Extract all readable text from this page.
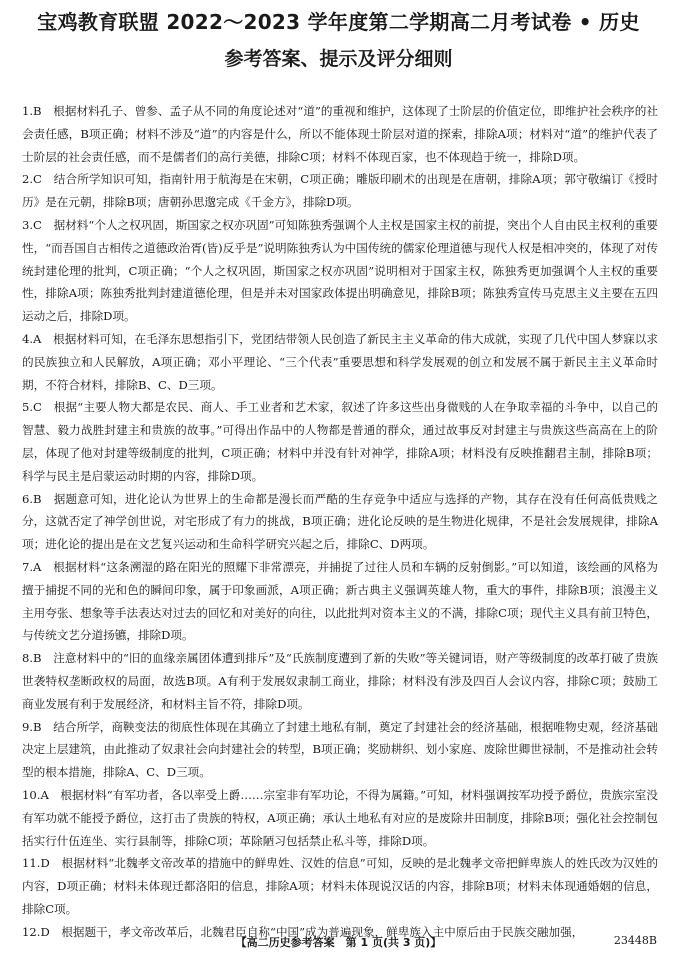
宝鸡教育联盟 2022～2023 学年度第二学期高二月考试卷 • 历史
参考答案、提示及评分细则

1.B　根据材料孔子、曾参、孟子从不同的角度论述对“道”的重视和维护，这体现了士阶层的价值定位，即维护社会秩序的社会责任感，B项正确；材料不涉及“道”的内容是什么，所以不能体现士阶层对道的探索，排除A项；材料对“道”的维护代表了士阶层的社会责任感，而不是儒者们的高行美德，排除C项；材料不体现百家，也不体现趋于统一，排除D项。

2.C　结合所学知识可知，指南针用于航海是在宋朝，C项正确；雕版印刷术的出现是在唐朝，排除A项；郭守敬编订《授时历》是在元朝，排除B项；唐朝孙思邈完成《千金方》，排除D项。

3.C　据材料“个人之权巩固，斯国家之权亦巩固”可知陈独秀强调个人主权是国家主权的前提，突出个人自由民主权利的重要性，“而吾国自古相传之道德政治胥(皆)反乎是”说明陈独秀认为中国传统的儒家伦理道德与现代人权是相冲突的，体现了对传统封建伦理的批判，C项正确；“个人之权巩固，斯国家之权亦巩固”说明相对于国家主权，陈独秀更加强调个人主权的重要性，排除A项；陈独秀批判封建道德伦理，但是并未对国家政体提出明确意见，排除B项；陈独秀宣传马克思主义主要在五四运动之后，排除D项。

4.A　根据材料可知，在毛泽东思想指引下，党团结带领人民创造了新民主主义革命的伟大成就，实现了几代中国人梦寐以求的民族独立和人民解放，A项正确；邓小平理论、“三个代表”重要思想和科学发展观的创立和发展不属于新民主主义革命时期，不符合材料，排除B、C、D三项。

5.C　根据“主要人物大都是农民、商人、手工业者和艺术家，叙述了许多这些出身微贱的人在争取幸福的斗争中，以自己的智慧、毅力战胜封建主和贵族的故事。”可得出作品中的人物都是普通的群众，通过故事反对封建主与贵族这些高高在上的阶层，体现了他对封建等级制度的批判，C项正确；材料中并没有针对神学，排除A项；材料没有反映推翻君主制，排除B项；科学与民主是启蒙运动时期的内容，排除D项。

6.B　据题意可知，进化论认为世界上的生命都是漫长而严酷的生存竞争中适应与选择的产物，其存在没有任何高低贵贱之分，这就否定了神学创世说，对宅形成了有力的挑战，B项正确；进化论反映的是生物进化规律，不是社会发展规律，排除A项；进化论的提出是在文艺复兴运动和生命科学研究兴起之后，排除C、D两项。

7.A　根据材料“这条溯湿的路在阳光的照耀下非常漂亮，并捕捉了过往人员和车辆的反射倒影。”可以知道，该绘画的风格为擅于捕捉不同的光和色的瞬间印象，属于印象画派，A项正确；新古典主义强调英雄人物，重大的事件，排除B项；浪漫主义主用夸张、想象等手法表达对过去的回忆和对美好的向往，以此批判对资本主义的不满，排除C项；现代主义具有前卫特色，与传统文艺分道扬镳，排除D项。

8.B　注意材料中的“旧的血缘亲属团体遭到排斥”及“氏族制度遭到了新的失败”等关键词语，财产等级制度的改革打破了贵族世袭特权垄断政权的局面，故选B项。A有利于发展奴隶制工商业，排除；材料没有涉及四百人会议内容，排除C项；鼓励工商业发展有利于发展经济，和材料主旨不符，排除D项。

9.B　结合所学，商鞅变法的彻底性体现在其确立了封建土地私有制，奠定了封建社会的经济基础，根据唯物史观，经济基础决定上层建筑，由此推动了奴隶社会向封建社会的转型，B项正确；奖励耕织、划小家庭、废除世卿世禄制，不是推动社会转型的根本措施，排除A、C、D三项。

10.A　根据材料“有军功者，各以率受上爵……宗室非有军功论，不得为属籍。”可知，材料强调按军功授予爵位，贵族宗室没有军功就不能授予爵位，这打击了贵族的特权，A项正确；承认土地私有对应的是废除井田制度，排除B项；强化社会控制包括实行什伍连坐、实行县制等，排除C项；革除陋习包括禁止私斗等，排除D项。

11.D　根据材料“北魏孝文帝改革的措施中的鲜卑姓、汉姓的信息”可知，反映的是北魏孝文帝把鲜卑族人的姓氏改为汉姓的内容，D项正确；材料未体现迁都洛阳的信息，排除A项；材料未体现说汉话的内容，排除B项；材料未体现通婚姻的信息，排除C项。

12.D　根据题干，孝文帝改革后，北魏君臣自称“中国”成为普遍现象，鲜卑族入主中原后由于民族交融加强，

【高二历史参考答案　第 1 页(共 3 页)】	23448B
